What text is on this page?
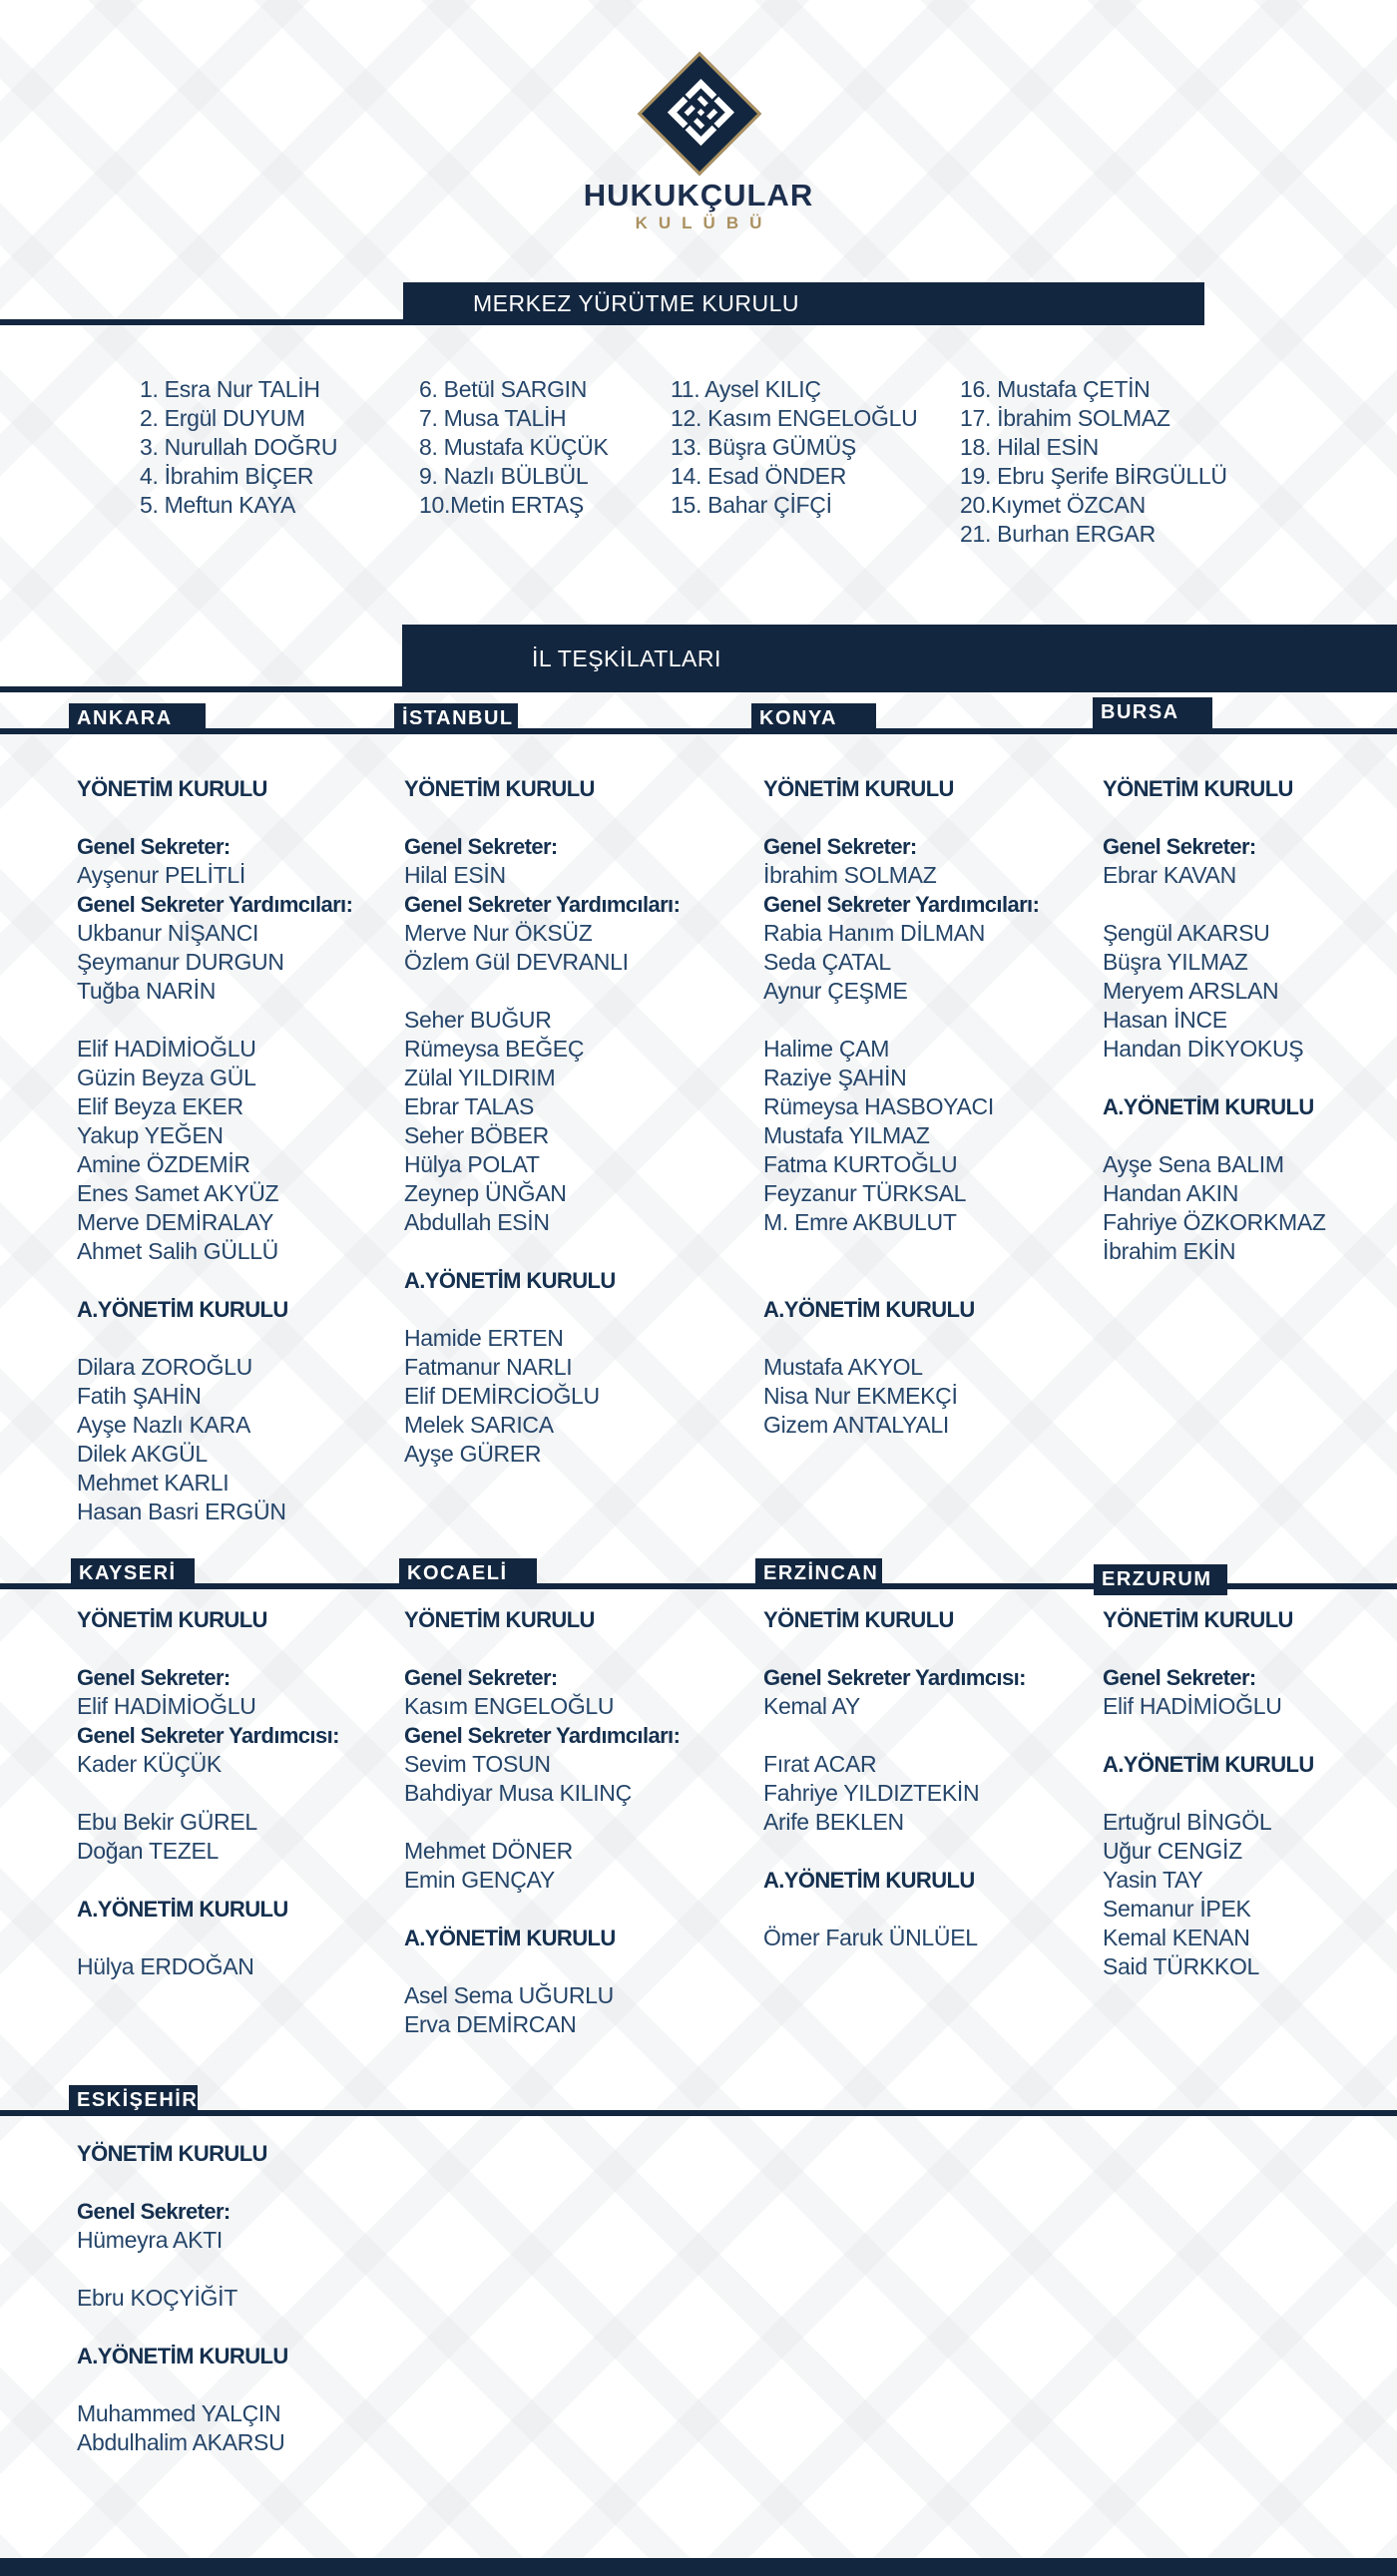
HUKUKÇULAR
KULÜBÜ
MERKEZ YÜRÜTME KURULU
1. Esra Nur TALİH
2. Ergül DUYUM
3. Nurullah DOĞRU
4. İbrahim BİÇER
5. Meftun KAYA
6. Betül SARGIN
7. Musa TALİH
8. Mustafa KÜÇÜK
9. Nazlı BÜLBÜL
10.Metin ERTAŞ
11. Aysel KILIÇ
12. Kasım ENGELOĞLU
13. Büşra GÜMÜŞ
14. Esad ÖNDER
15. Bahar ÇİFÇİ
16. Mustafa ÇETİN
17. İbrahim SOLMAZ
18. Hilal ESİN
19. Ebru Şerife BİRGÜLLÜ
20.Kıymet ÖZCAN
21. Burhan ERGAR
İL TEŞKİLATLARI
ANKARA
YÖNETİM KURULU

Genel Sekreter:
Ayşenur PELİTLİ
Genel Sekreter Yardımcıları:
Ukbanur NİŞANCI
Şeymanur DURGUN
Tuğba NARİN

Elif HADİMİOĞLU
Güzin Beyza GÜL
Elif Beyza EKER
Yakup YEĞEN
Amine ÖZDEMİR
Enes Samet AKYÜZ
Merve DEMİRALAY
Ahmet Salih GÜLLÜ

A.YÖNETİM KURULU

Dilara ZOROĞLU
Fatih ŞAHİN
Ayşe Nazlı KARA
Dilek AKGÜL
Mehmet KARLI
Hasan Basri ERGÜN
İSTANBUL
YÖNETİM KURULU

Genel Sekreter:
Hilal ESİN
Genel Sekreter Yardımcıları:
Merve Nur ÖKSÜZ
Özlem Gül DEVRANLI

Seher BUĞUR
Rümeysa BEĞEÇ
Zülal YILDIRIM
Ebrar TALAS
Seher BÖBER
Hülya POLAT
Zeynep ÜNĞAN
Abdullah ESİN

A.YÖNETİM KURULU

Hamide ERTEN
Fatmanur NARLI
Elif DEMİRCİOĞLU
Melek SARICA
Ayşe GÜRER
KONYA
YÖNETİM KURULU

Genel Sekreter:
İbrahim SOLMAZ
Genel Sekreter Yardımcıları:
Rabia Hanım DİLMAN
Seda ÇATAL
Aynur ÇEŞME

Halime ÇAM
Raziye ŞAHİN
Rümeysa HASBOYACI
Mustafa YILMAZ
Fatma KURTOĞLU
Feyzanur TÜRKSAL
M. Emre AKBULUT

A.YÖNETİM KURULU

Mustafa AKYOL
Nisa Nur EKMEKÇİ
Gizem ANTALYALI
BURSA
YÖNETİM KURULU

Genel Sekreter:
Ebrar KAVAN

Şengül AKARSU
Büşra YILMAZ
Meryem ARSLAN
Hasan İNCE
Handan DİKYOKUŞ

A.YÖNETİM KURULU

Ayşe Sena BALIM
Handan AKIN
Fahriye ÖZKORKMAZ
İbrahim EKİN
KAYSERİ
YÖNETİM KURULU

Genel Sekreter:
Elif HADİMİOĞLU
Genel Sekreter Yardımcısı:
Kader KÜÇÜK

Ebu Bekir GÜREL
Doğan TEZEL

A.YÖNETİM KURULU

Hülya ERDOĞAN
KOCAELİ
YÖNETİM KURULU

Genel Sekreter:
Kasım ENGELOĞLU
Genel Sekreter Yardımcıları:
Sevim TOSUN
Bahdiyar Musa KILINÇ

Mehmet DÖNER
Emin GENÇAY

A.YÖNETİM KURULU

Asel Sema UĞURLU
Erva DEMİRCAN
ERZİNCAN
YÖNETİM KURULU

Genel Sekreter Yardımcısı:
Kemal AY

Fırat ACAR
Fahriye YILDIZTEKİN
Arife BEKLEN

A.YÖNETİM KURULU

Ömer Faruk ÜNLÜEL
ERZURUM
YÖNETİM KURULU

Genel Sekreter:
Elif HADİMİOĞLU

A.YÖNETİM KURULU

Ertuğrul BİNGÖL
Uğur CENGİZ
Yasin TAY
Semanur İPEK
Kemal KENAN
Said TÜRKKOL
ESKİŞEHİR
YÖNETİM KURULU

Genel Sekreter:
Hümeyra AKTI

Ebru KOÇYİĞİT

A.YÖNETİM KURULU

Muhammed YALÇIN
Abdulhalim AKARSU
